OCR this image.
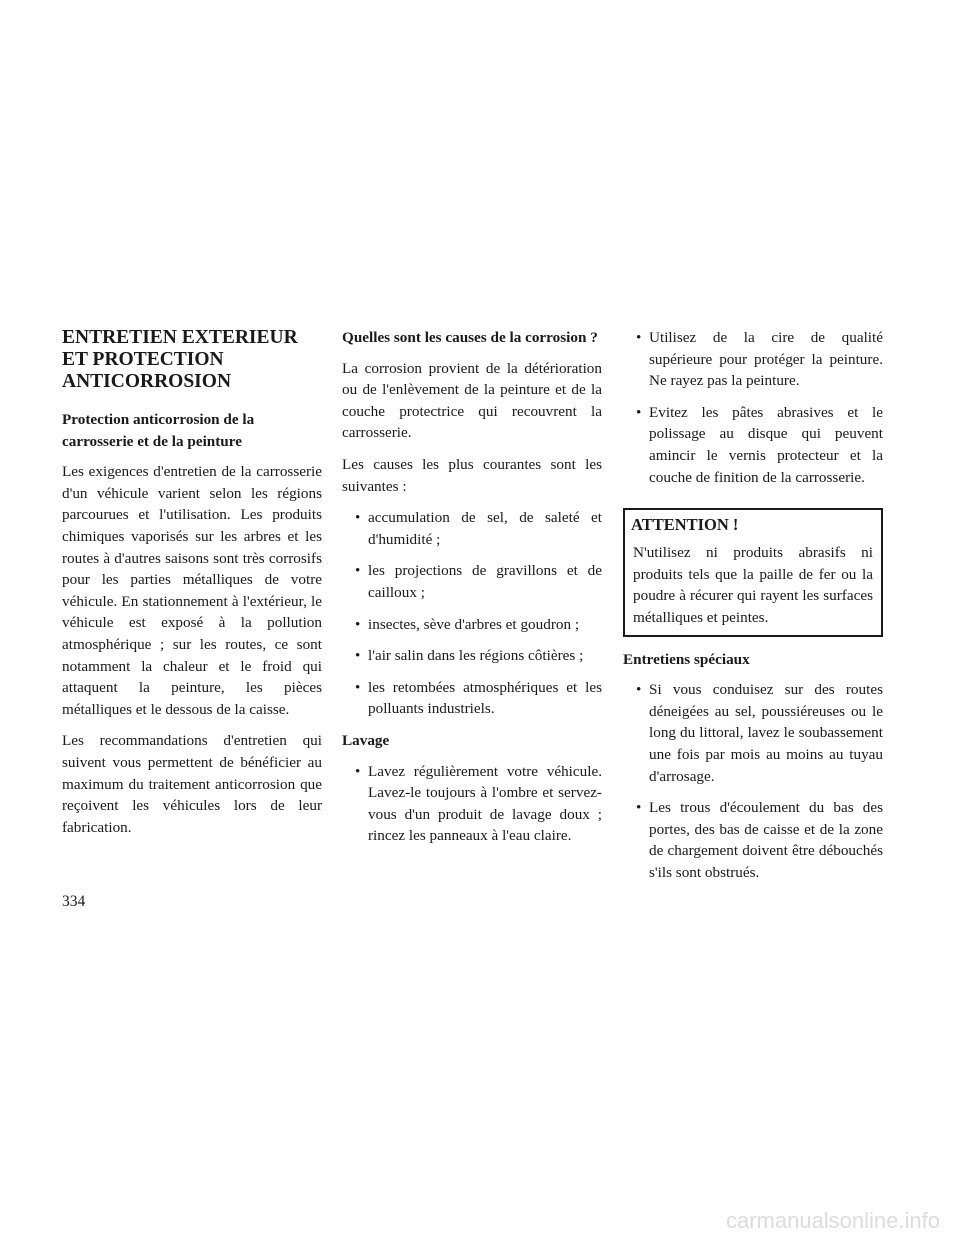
ENTRETIEN EXTERIEUR ET PROTECTION ANTICORROSION
Protection anticorrosion de la carrosserie et de la peinture

Les exigences d'entretien de la carrosserie d'un véhicule varient selon les régions parcourues et l'utilisation. Les produits chimiques vaporisés sur les arbres et les routes à d'autres saisons sont très corrosifs pour les parties métalliques de votre véhicule. En stationnement à l'extérieur, le véhicule est exposé à la pollution atmosphérique ; sur les routes, ce sont notamment la chaleur et le froid qui attaquent la peinture, les pièces métalliques et le dessous de la caisse.

Les recommandations d'entretien qui suivent vous permettent de bénéficier au maximum du traitement anticorrosion que reçoivent les véhicules lors de leur fabrication.

Quelles sont les causes de la corrosion ?

La corrosion provient de la détérioration ou de l'enlèvement de la peinture et de la couche protectrice qui recouvrent la carrosserie.

Les causes les plus courantes sont les suivantes :

• accumulation de sel, de saleté et d'humidité ;
• les projections de gravillons et de cailloux ;
• insectes, sève d'arbres et goudron ;
• l'air salin dans les régions côtières ;
• les retombées atmosphériques et les polluants industriels.
Lavage
• Lavez régulièrement votre véhicule. Lavez-le toujours à l'ombre et servez-vous d'un produit de lavage doux ; rincez les panneaux à l'eau claire.
• Utilisez de la cire de qualité supérieure pour protéger la peinture. Ne rayez pas la peinture.
• Evitez les pâtes abrasives et le polissage au disque qui peuvent amincir le vernis protecteur et la couche de finition de la carrosserie.
ATTENTION !

N'utilisez ni produits abrasifs ni produits tels que la paille de fer ou la poudre à récurer qui rayent les surfaces métalliques et peintes.

Entretiens spéciaux
• Si vous conduisez sur des routes déneigées au sel, poussiéreuses ou le long du littoral, lavez le soubassement une fois par mois au moins au tuyau d'arrosage.
• Les trous d'écoulement du bas des portes, des bas de caisse et de la zone de chargement doivent être débouchés s'ils sont obstrués.
334
carmanualsonline.info
